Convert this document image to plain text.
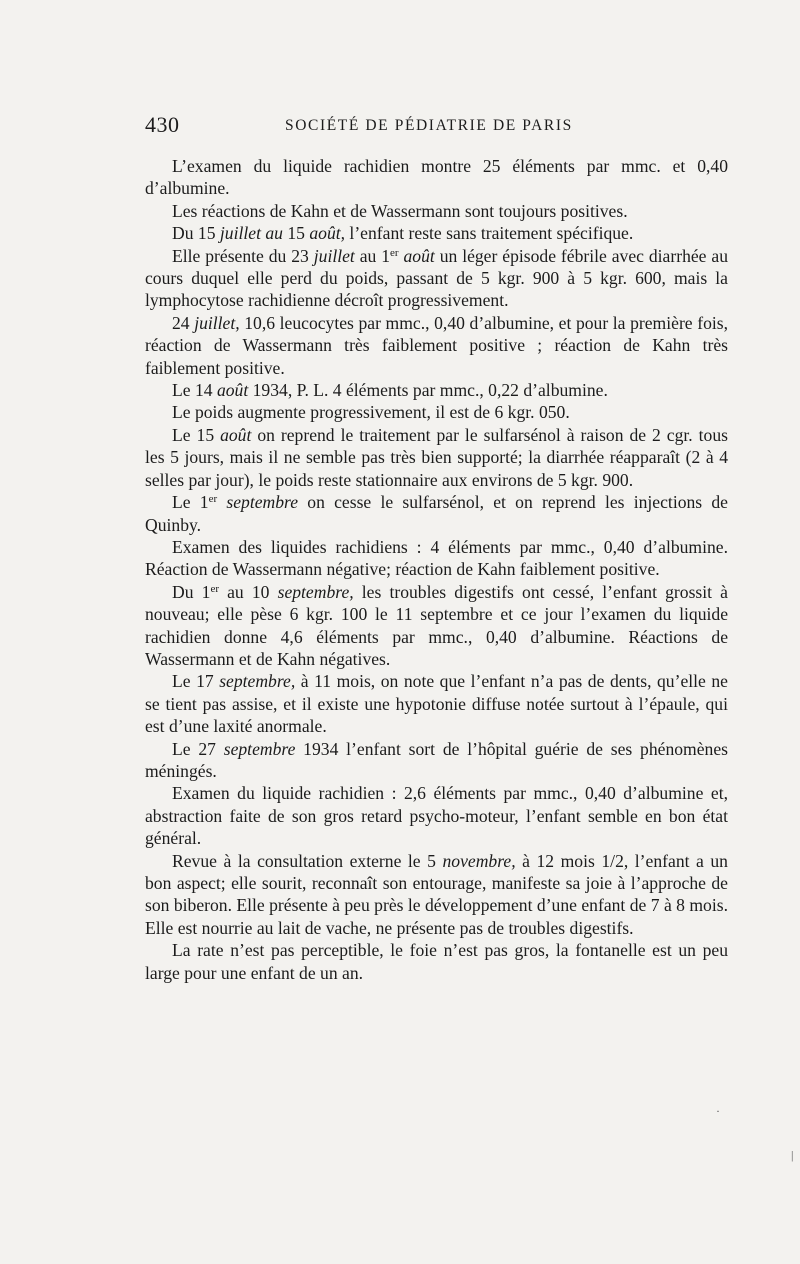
430	SOCIÉTÉ DE PÉDIATRIE DE PARIS

L’examen du liquide rachidien montre 25 éléments par mmc. et 0,40 d’albumine.

Les réactions de Kahn et de Wassermann sont toujours positives.

Du 15 juillet au 15 août, l’enfant reste sans traitement spécifique.

Elle présente du 23 juillet au 1er août un léger épisode fébrile avec diarrhée au cours duquel elle perd du poids, passant de 5 kgr. 900 à 5 kgr. 600, mais la lymphocytose rachidienne décroît progressivement.

24 juillet, 10,6 leucocytes par mmc., 0,40 d’albumine, et pour la première fois, réaction de Wassermann très faiblement positive ; réaction de Kahn très faiblement positive.

Le 14 août 1934, P. L. 4 éléments par mmc., 0,22 d’albumine.

Le poids augmente progressivement, il est de 6 kgr. 050.

Le 15 août on reprend le traitement par le sulfarsénol à raison de 2 cgr. tous les 5 jours, mais il ne semble pas très bien supporté; la diarrhée réapparaît (2 à 4 selles par jour), le poids reste stationnaire aux environs de 5 kgr. 900.

Le 1er septembre on cesse le sulfarsénol, et on reprend les injections de Quinby.

Examen des liquides rachidiens : 4 éléments par mmc., 0,40 d’albumine. Réaction de Wassermann négative; réaction de Kahn faiblement positive.

Du 1er au 10 septembre, les troubles digestifs ont cessé, l’enfant grossit à nouveau; elle pèse 6 kgr. 100 le 11 septembre et ce jour l’examen du liquide rachidien donne 4,6 éléments par mmc., 0,40 d’albumine. Réactions de Wassermann et de Kahn négatives.

Le 17 septembre, à 11 mois, on note que l’enfant n’a pas de dents, qu’elle ne se tient pas assise, et il existe une hypotonie diffuse notée surtout à l’épaule, qui est d’une laxité anormale.

Le 27 septembre 1934 l’enfant sort de l’hôpital guérie de ses phénomènes méningés.

Examen du liquide rachidien : 2,6 éléments par mmc., 0,40 d’albumine et, abstraction faite de son gros retard psycho-moteur, l’enfant semble en bon état général.

Revue à la consultation externe le 5 novembre, à 12 mois 1/2, l’enfant a un bon aspect; elle sourit, reconnaît son entourage, manifeste sa joie à l’approche de son biberon. Elle présente à peu près le développement d’une enfant de 7 à 8 mois. Elle est nourrie au lait de vache, ne présente pas de troubles digestifs.

La rate n’est pas perceptible, le foie n’est pas gros, la fontanelle est un peu large pour une enfant de un an.

·
|
